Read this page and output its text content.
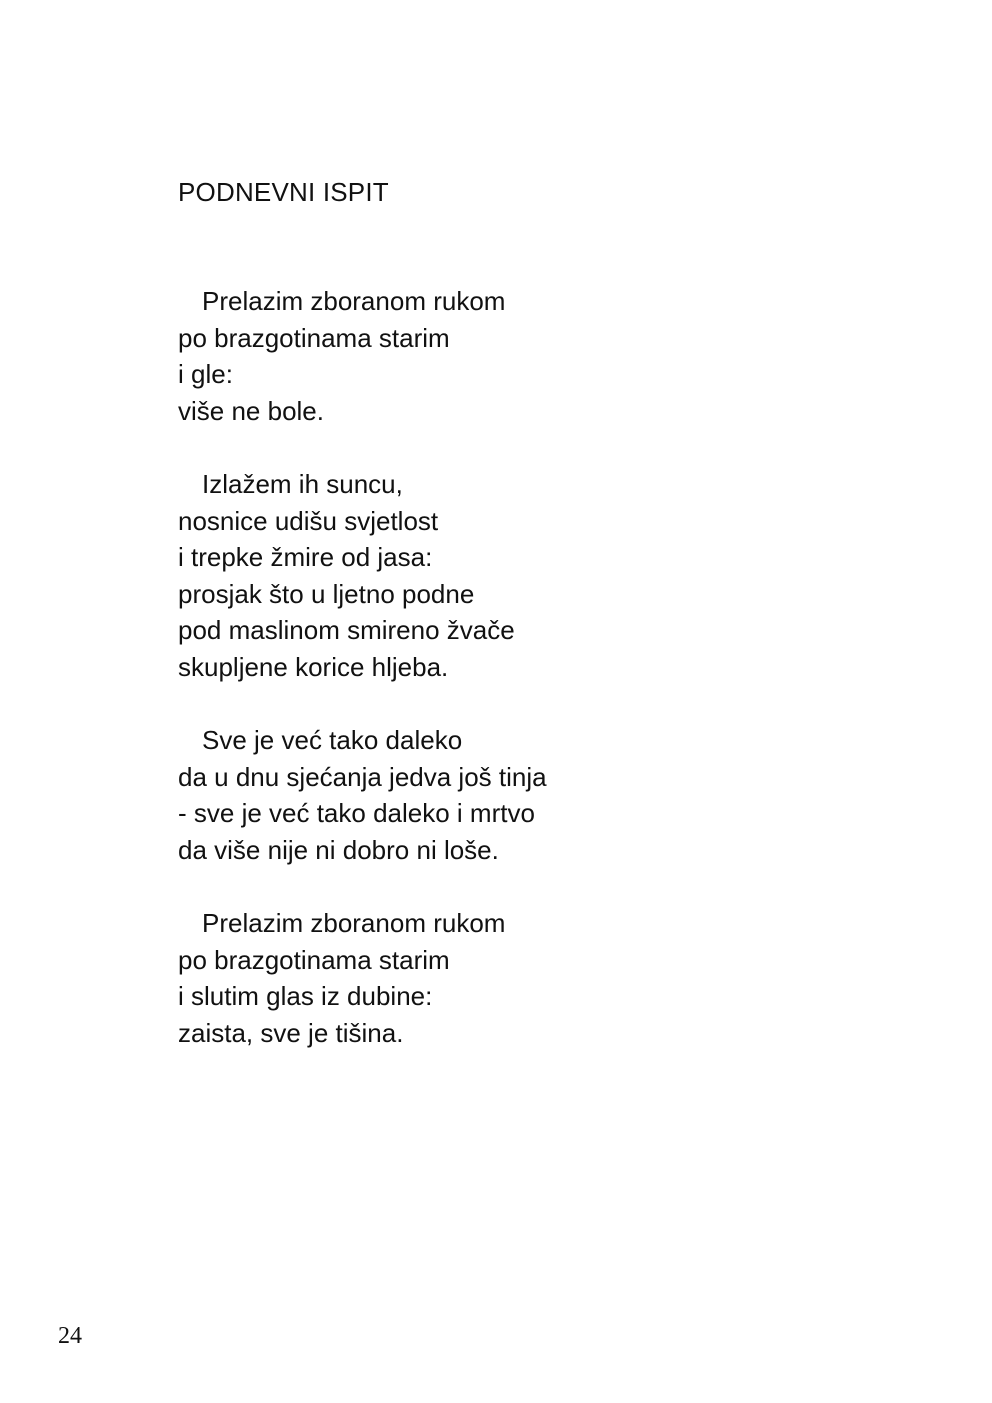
PODNEVNI ISPIT
Prelazim zboranom rukom
po brazgotinama starim
i gle:
više ne bole.
Izlažem ih suncu,
nosnice udišu svjetlost
i trepke žmire od jasa:
prosjak što u ljetno podne
pod maslinom smireno žvače
skupljene korice hljeba.
Sve je već tako daleko
da u dnu sjećanja jedva još tinja
- sve je već tako daleko i mrtvo
da više nije ni dobro ni loše.
Prelazim zboranom rukom
po brazgotinama starim
i slutim glas iz dubine:
zaista, sve je tišina.
24
